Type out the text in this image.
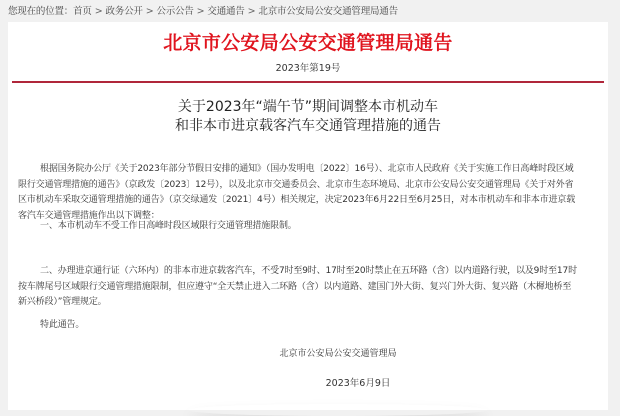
您现在的位置：首页 > 政务公开 > 公示公告 > 交通通告 > 北京市公安局公安交通管理局通告
北京市公安局公安交通管理局通告
2023年第19号
关于2023年“端午节”期间调整本市机动车
和非本市进京载客汽车交通管理措施的通告
根据国务院办公厅《关于2023年部分节假日安排的通知》（国办发明电〔2022〕16号）、北京市人民政府《关于实施工作日高峰时段区域限行交通管理措施的通告》（京政发〔2023〕12号），以及北京市交通委员会、北京市生态环境局、北京市公安局公安交通管理局《关于对外省区市机动车采取交通管理措施的通告》（京交绿通发〔2021〕4号）相关规定，决定2023年6月22日至6月25日，对本市机动车和非本市进京载客汽车交通管理措施作出以下调整：
一、本市机动车不受工作日高峰时段区域限行交通管理措施限制。
二、办理进京通行证（六环内）的非本市进京载客汽车，不受7时至9时、17时至20时禁止在五环路（含）以内道路行驶，以及9时至17时按车牌尾号区域限行交通管理措施限制，但应遵守“全天禁止进入二环路（含）以内道路、建国门外大街、复兴门外大街、复兴路（木樨地桥至新兴桥段）”管理规定。
特此通告。
北京市公安局公安交通管理局
2023年6月9日
